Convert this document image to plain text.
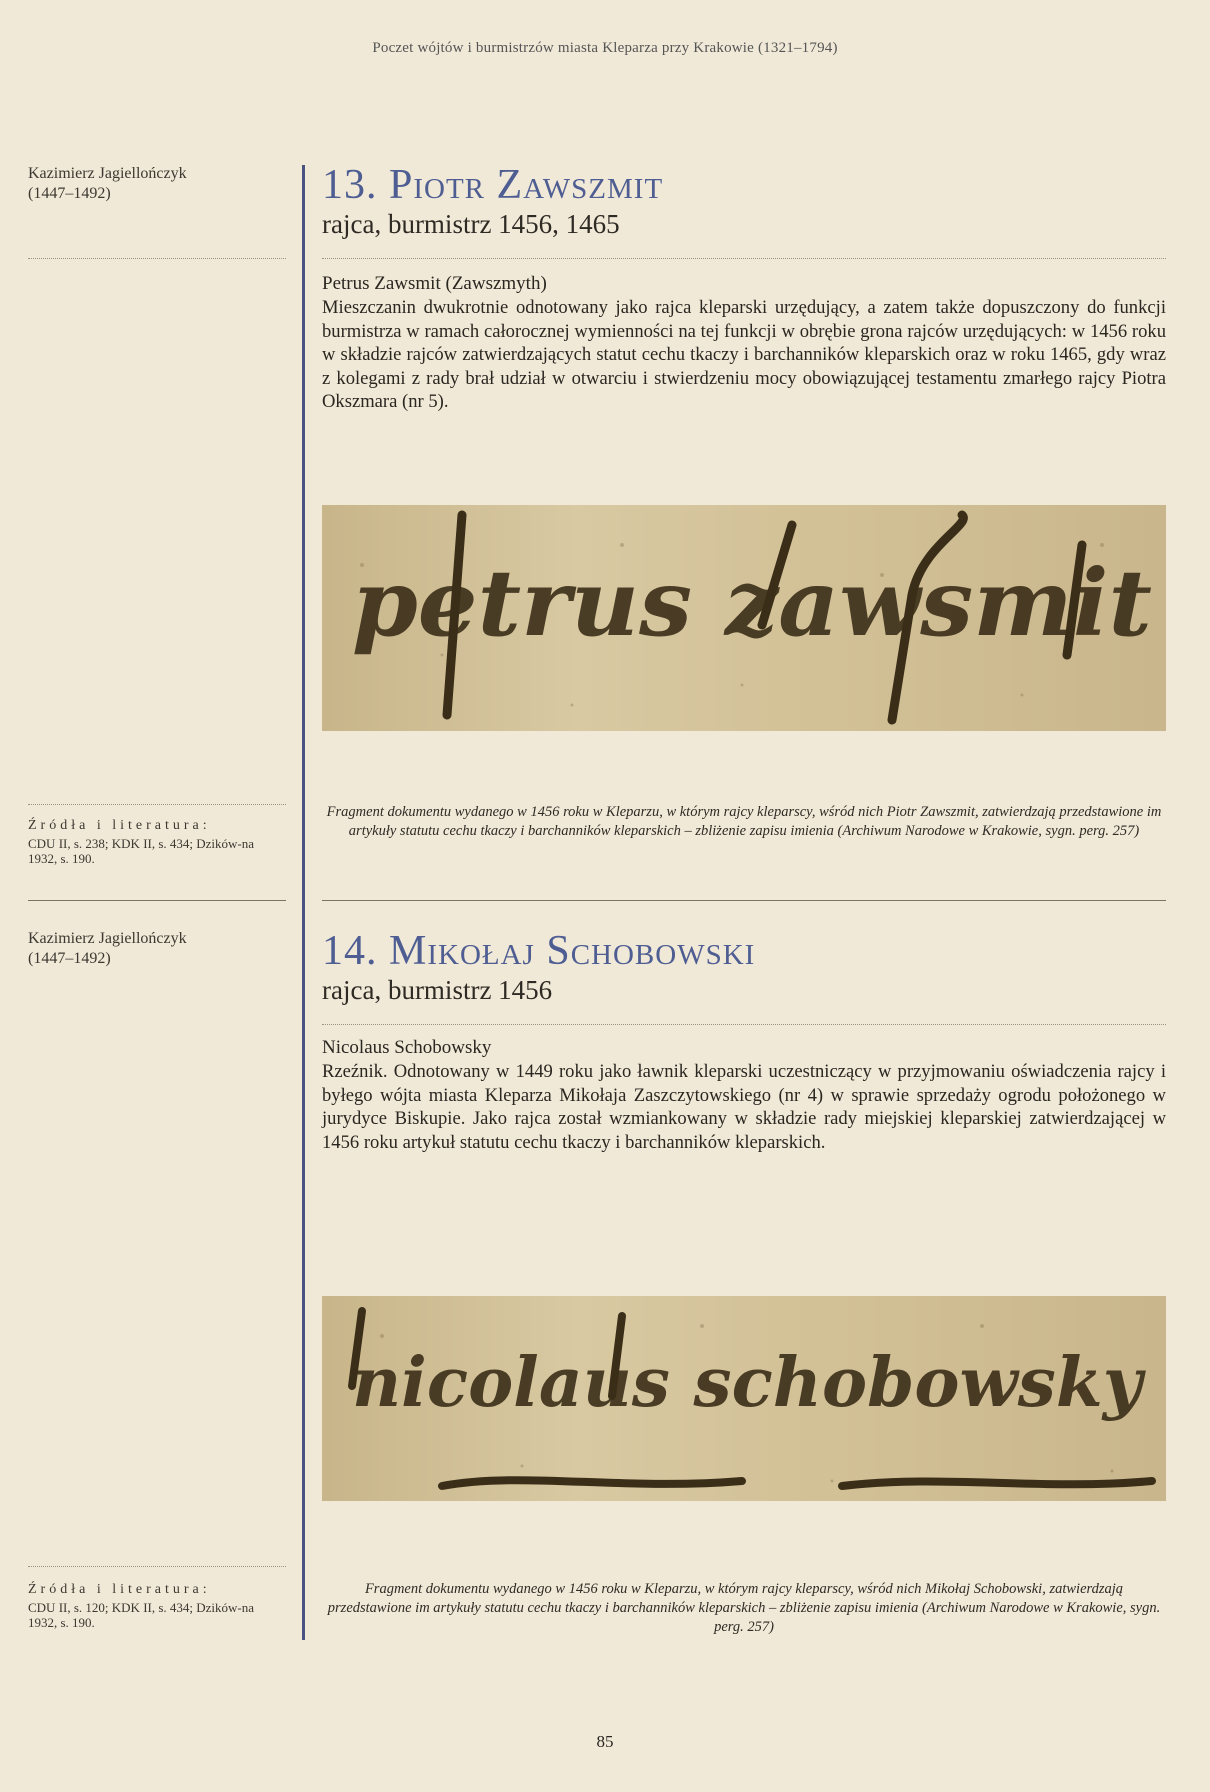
Poczet wójtów i burmistrzów miasta Kleparza przy Krakowie (1321–1794)
Kazimierz Jagiellończyk
(1447–1492)
Źródła i literatura:
CDU II, s. 238; KDK II, s. 434; Dzików-na 1932, s. 190.
13. Piotr Zawszmit
rajca, burmistrz 1456, 1465
Petrus Zawsmit (Zawszmyth)
Mieszczanin dwukrotnie odnotowany jako rajca kleparski urzędujący, a zatem także dopuszczony do funkcji burmistrza w ramach całorocznej wymienności na tej funkcji w obrębie grona rajców urzędujących: w 1456 roku w składzie rajców zatwierdzających statut cechu tkaczy i barchanników kleparskich oraz w roku 1465, gdy wraz z kolegami z rady brał udział w otwarciu i stwierdzeniu mocy obowiązującej testamentu zmarłego rajcy Piotra Okszmara (nr 5).
petrus zawsmit
Fragment dokumentu wydanego w 1456 roku w Kleparzu, w którym rajcy kleparscy, wśród nich Piotr Zawszmit, zatwierdzają przedstawione im artykuły statutu cechu tkaczy i barchanników kleparskich – zbliżenie zapisu imienia (Archiwum Narodowe w Krakowie, sygn. perg. 257)
Kazimierz Jagiellończyk
(1447–1492)
Źródła i literatura:
CDU II, s. 120; KDK II, s. 434; Dzików-na 1932, s. 190.
14. Mikołaj Schobowski
rajca, burmistrz 1456
Nicolaus Schobowsky
Rzeźnik. Odnotowany w 1449 roku jako ławnik kleparski uczestniczący w przyjmowaniu oświadczenia rajcy i byłego wójta miasta Kleparza Mikołaja Zaszczytowskiego (nr 4) w sprawie sprzedaży ogrodu położonego w jurydyce Biskupie. Jako rajca został wzmiankowany w składzie rady miejskiej kleparskiej zatwierdzającej w 1456 roku artykuł statutu cechu tkaczy i barchanników kleparskich.
nicolaus schobowsky
Fragment dokumentu wydanego w 1456 roku w Kleparzu, w którym rajcy kleparscy, wśród nich Mikołaj Schobowski, zatwierdzają przedstawione im artykuły statutu cechu tkaczy i barchanników kleparskich – zbliżenie zapisu imienia (Archiwum Narodowe w Krakowie, sygn. perg. 257)
85
